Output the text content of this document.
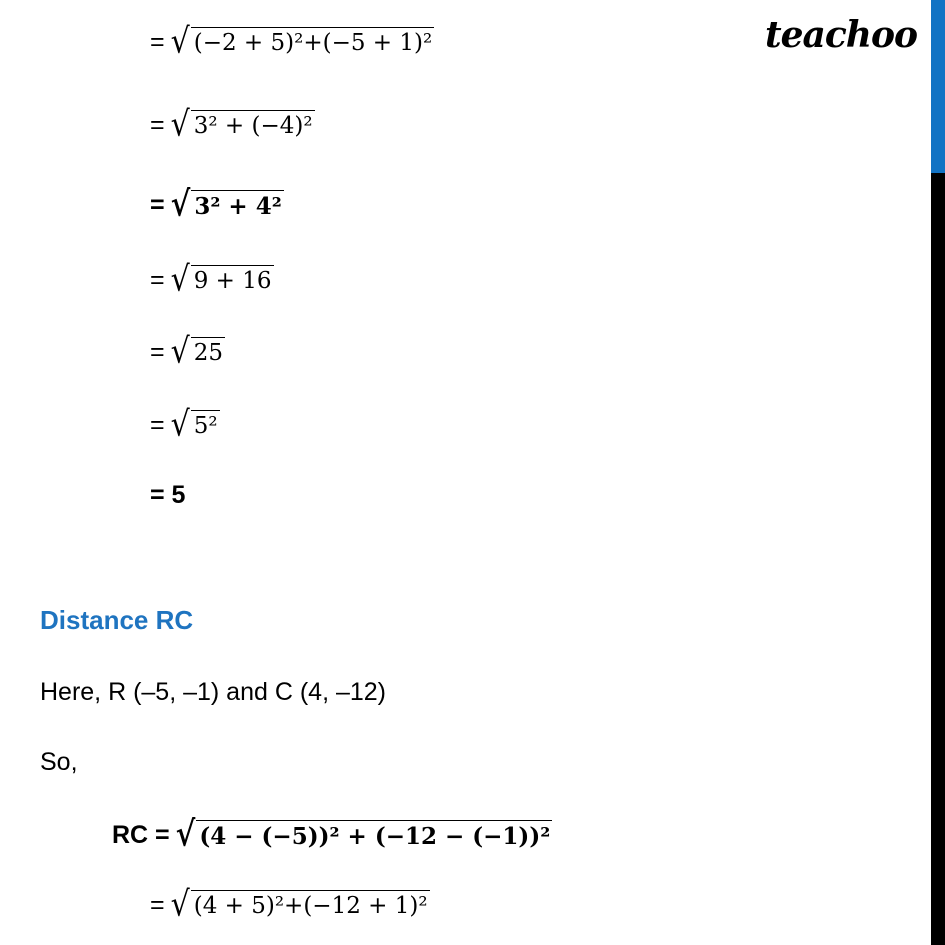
teachoo
= √ (−2 + 5)²+(−5 + 1)²
= √ 3² + (−4)²
= √ 3² + 4²
= √ 9 + 16
= √ 25
= √ 5²
= 5
Distance RC
Here, R (–5, –1) and C (4, –12)
So,
RC = √ (4 − (−5))² + (−12 − (−1))²
= √ (4 + 5)²+(−12 + 1)²
